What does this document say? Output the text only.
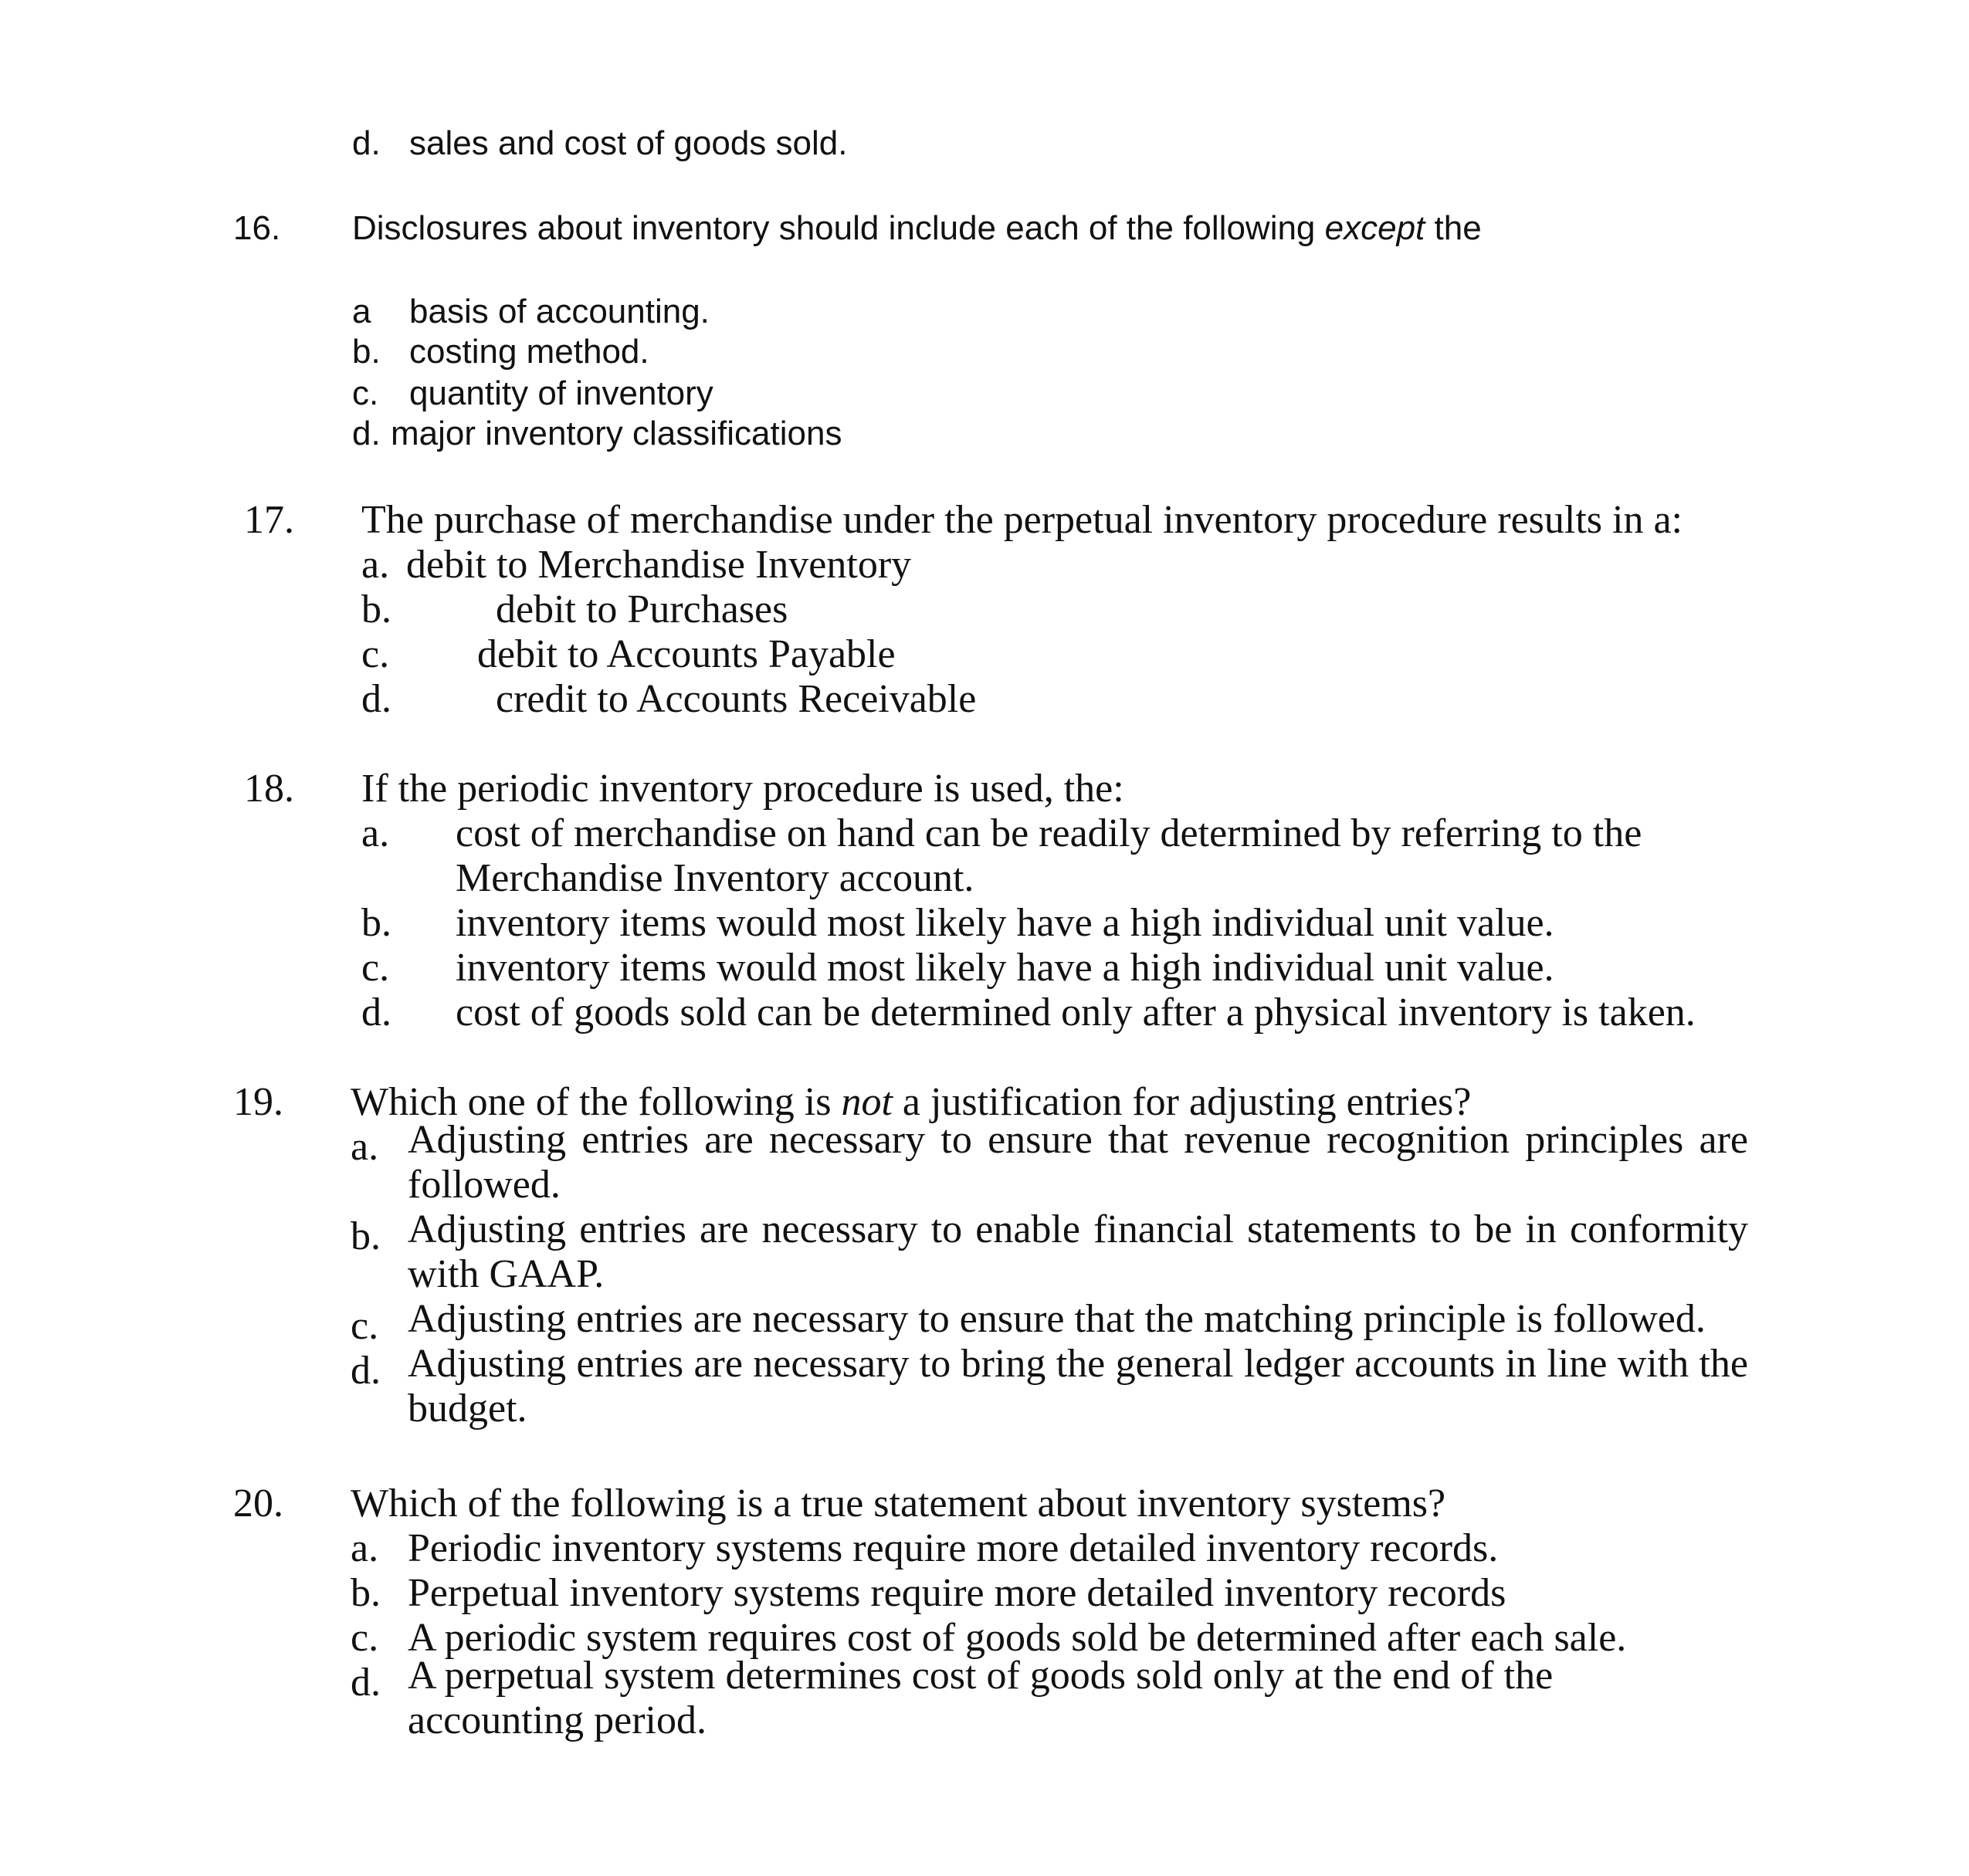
d. sales and cost of goods sold.
16. Disclosures about inventory should include each of the following except the
a basis of accounting.
b. costing method.
c. quantity of inventory
d. major inventory classifications
17. The purchase of merchandise under the perpetual inventory procedure results in a:
a. debit to Merchandise Inventory
b.	debit to Purchases
c. debit to Accounts Payable
d.	credit to Accounts Receivable
18. If the periodic inventory procedure is used, the:
a. cost of merchandise on hand can be readily determined by referring to the
Merchandise Inventory account.
b. inventory items would most likely have a high individual unit value.
c. inventory items would most likely have a high individual unit value.
d. cost of goods sold can be determined only after a physical inventory is taken.
19. Which one of the following is not a justification for adjusting entries?
a. Adjusting entries are necessary to ensure that revenue recognition principles are followed.
b. Adjusting entries are necessary to enable financial statements to be in conformity with GAAP.
c. Adjusting entries are necessary to ensure that the matching principle is followed.
d. Adjusting entries are necessary to bring the general ledger accounts in line with the budget.
20. Which of the following is a true statement about inventory systems?
a. Periodic inventory systems require more detailed inventory records.
b. Perpetual inventory systems require more detailed inventory records
c. A periodic system requires cost of goods sold be determined after each sale.
d. A perpetual system determines cost of goods sold only at the end of the accounting period.
